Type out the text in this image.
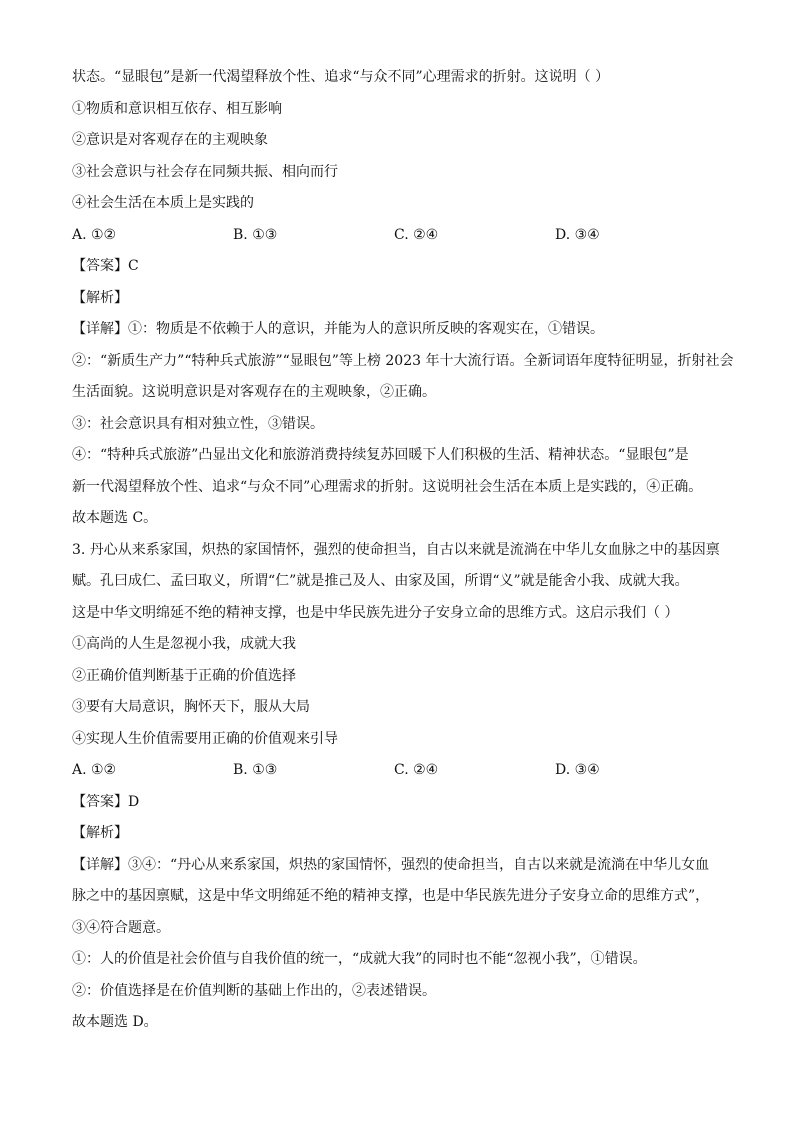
状态。“显眼包”是新一代渴望释放个性、追求“与众不同”心理需求的折射。这说明（ ）
①物质和意识相互依存、相互影响
②意识是对客观存在的主观映象
③社会意识与社会存在同频共振、相向而行
④社会生活在本质上是实践的
A. ①②	B. ①③	C. ②④	D. ③④
【答案】C
【解析】
【详解】①：物质是不依赖于人的意识，并能为人的意识所反映的客观实在，①错误。
②：“新质生产力”“特种兵式旅游”“显眼包”等上榜 2023 年十大流行语。全新词语年度特征明显，折射社会
生活面貌。这说明意识是对客观存在的主观映象，②正确。
③：社会意识具有相对独立性，③错误。
④：“特种兵式旅游”凸显出文化和旅游消费持续复苏回暖下人们积极的生活、精神状态。“显眼包”是
新一代渴望释放个性、追求“与众不同”心理需求的折射。这说明社会生活在本质上是实践的，④正确。
故本题选 C。
3. 丹心从来系家国，炽热的家国情怀，强烈的使命担当，自古以来就是流淌在中华儿女血脉之中的基因禀
赋。孔曰成仁、孟曰取义，所谓“仁”就是推己及人、由家及国，所谓“义”就是能舍小我、成就大我。
这是中华文明绵延不绝的精神支撑，也是中华民族先进分子安身立命的思维方式。这启示我们（ ）
①高尚的人生是忽视小我，成就大我
②正确价值判断基于正确的价值选择
③要有大局意识，胸怀天下，服从大局
④实现人生价值需要用正确的价值观来引导
A. ①②	B. ①③	C. ②④	D. ③④
【答案】D
【解析】
【详解】③④：“丹心从来系家国，炽热的家国情怀，强烈的使命担当，自古以来就是流淌在中华儿女血
脉之中的基因禀赋，这是中华文明绵延不绝的精神支撑，也是中华民族先进分子安身立命的思维方式”，
③④符合题意。
①：人的价值是社会价值与自我价值的统一，“成就大我”的同时也不能“忽视小我”，①错误。
②：价值选择是在价值判断的基础上作出的，②表述错误。
故本题选 D。
